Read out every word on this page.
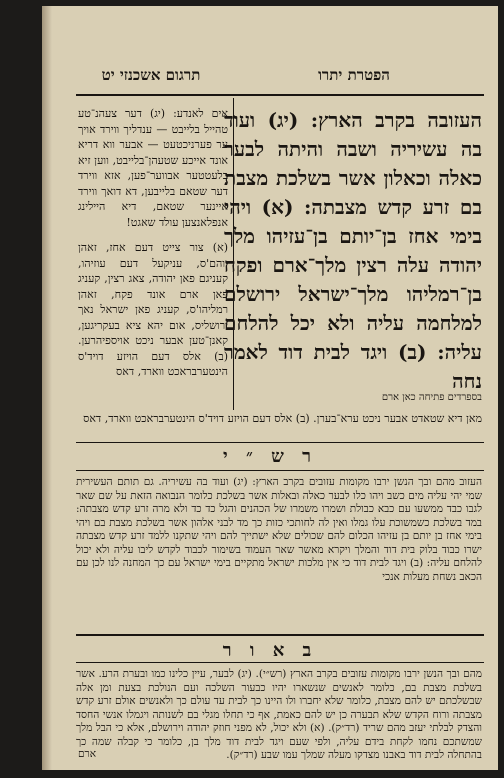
הפטרת יתרו
תרגום אשכנזי יט
העזובה בקרב הארץ: (יג) ועוד בה עשיריה ושבה והיתה לבער כאלה וכאלון אשר בשלכת מצבת בם זרע קדש מצבתה: (א) ויהי בימי אחז בן־יותם בן־עזיהו מלך יהודה עלה רצין מלך־ארם ופקח בן־רמליהו מלך־ישראל ירושלם למלחמה עליה ולא יכל להלחם עליה: (ב) ויגד לבית דוד לאמר נחה
בספרדים פתיחה כאן ארם

אים לאנדע: (יג) דער צעהנ־טע טהייל בלייבט — ענדליך ווירד אויך ער פערניכטעט — אבער ווא דריא אונד אייכע שטעהן־בלייבט, ווען זיא בלעטטער אבווער־פען, אזא ווירד דער שטאם בלייבען, דא דואך ווירד איינער שטאם, דיא היילינג אנפלאנצען עולד שאגט!

(א) צור צייט דעם אחז, זאהן יוהם'ס, עניקעל דעם עוזיהו, קעניגם פאן יהודה, צאג רצין, קעניג פאן ארם אונד פקח, זאהן רמליהו'ס, קעניג פאן ישראל נאך ירושליס, אום יהא ציא בעקריגען, קאנן־טען אבער ניכט אויספיהרען. (ב) אלס דעם הויזע דויד'ס הינטערבראכט ווארד, דאס

מאן דיא שטאדט אבער ניכט ערא־בערן. (ב) אלס דעם הויזע דויד'ס הינטערבראכט ווארד, דאס
ר ש ״ י
העזוב מהם ובך הנשן ירבו מקומות עזובים בקרב הארץ: (יג) ועוד בה עשיריה. גם תותם העשירית שמי יהי עליה מים כשב ויהו כלו לבער כאלה ובאלות אשר בשלכת כלומר הנבואה הזאת על שם שאר לגבו כבד ממשעו עם כבא כבולת ושמרו משמרו של הכהנים והגל כד כד ולא מרה זרע קדש מצבתה: במד בשלכת כשמשוכת עלו גמלו ואין לה לחותכי כזות כך מד לבני אלהון אשר בשלכת מצבת בם ויהי בימי אחז בן יותם בן עזיהו הכלום להם שכולים שלא ישתייך להם ויהי שתקנו ללמד זרע קדש מצבתה ישרו כבוד בלוק בית דוד והמלך ויקרא מאשר שאר העמוד בשימור לכבוד לקדש ליבו עליה ולא יכול להלחם עליה: (ב) ויגד לבית דוד כי אין מלכות ישראל מתקיים בימי ישראל עם כך המחנה לנו לכן עם הכאב נשחת מעלות אנכי
ב א ו ר
מהם ובך הנשן ירבו מקומות עזובים בקרב הארץ (רש״י). (יג) לבער, עיין כלינו כמו ובערת הרע. אשר בשלכת מצבת בם, כלומר לאנשים שנשארו יהיו כבעור השלכה ועם הנולכת בצעת ומן אלה שבשלכתם יש להם מצבת, כלומר שלא יחברו ולו היינו כך לבית עד עולם כך ולאנשים אולם זרע קדש מצבתה ורוח הקדש שלא תבערה כן יש להם כאמת, אף כי תחלו מגלי בם לשנותה ויגמלו אנשי החסד והצדק לבלתי יעזב מהם שריד (רד״ק). (א) ולא יכול, לא מפני חוזק יהודה וירושלם, אלא כי הבל מלך שמשתכם נחמו לקחת בידם עליה, ולפי שעם ויגד לבית דוד מלך בן, כלומר כי קבלה שמה כך בהתחלה לבית דוד באבנו מצדקו מעלה שמלך עמו שבע (רד״ק).
ארם
